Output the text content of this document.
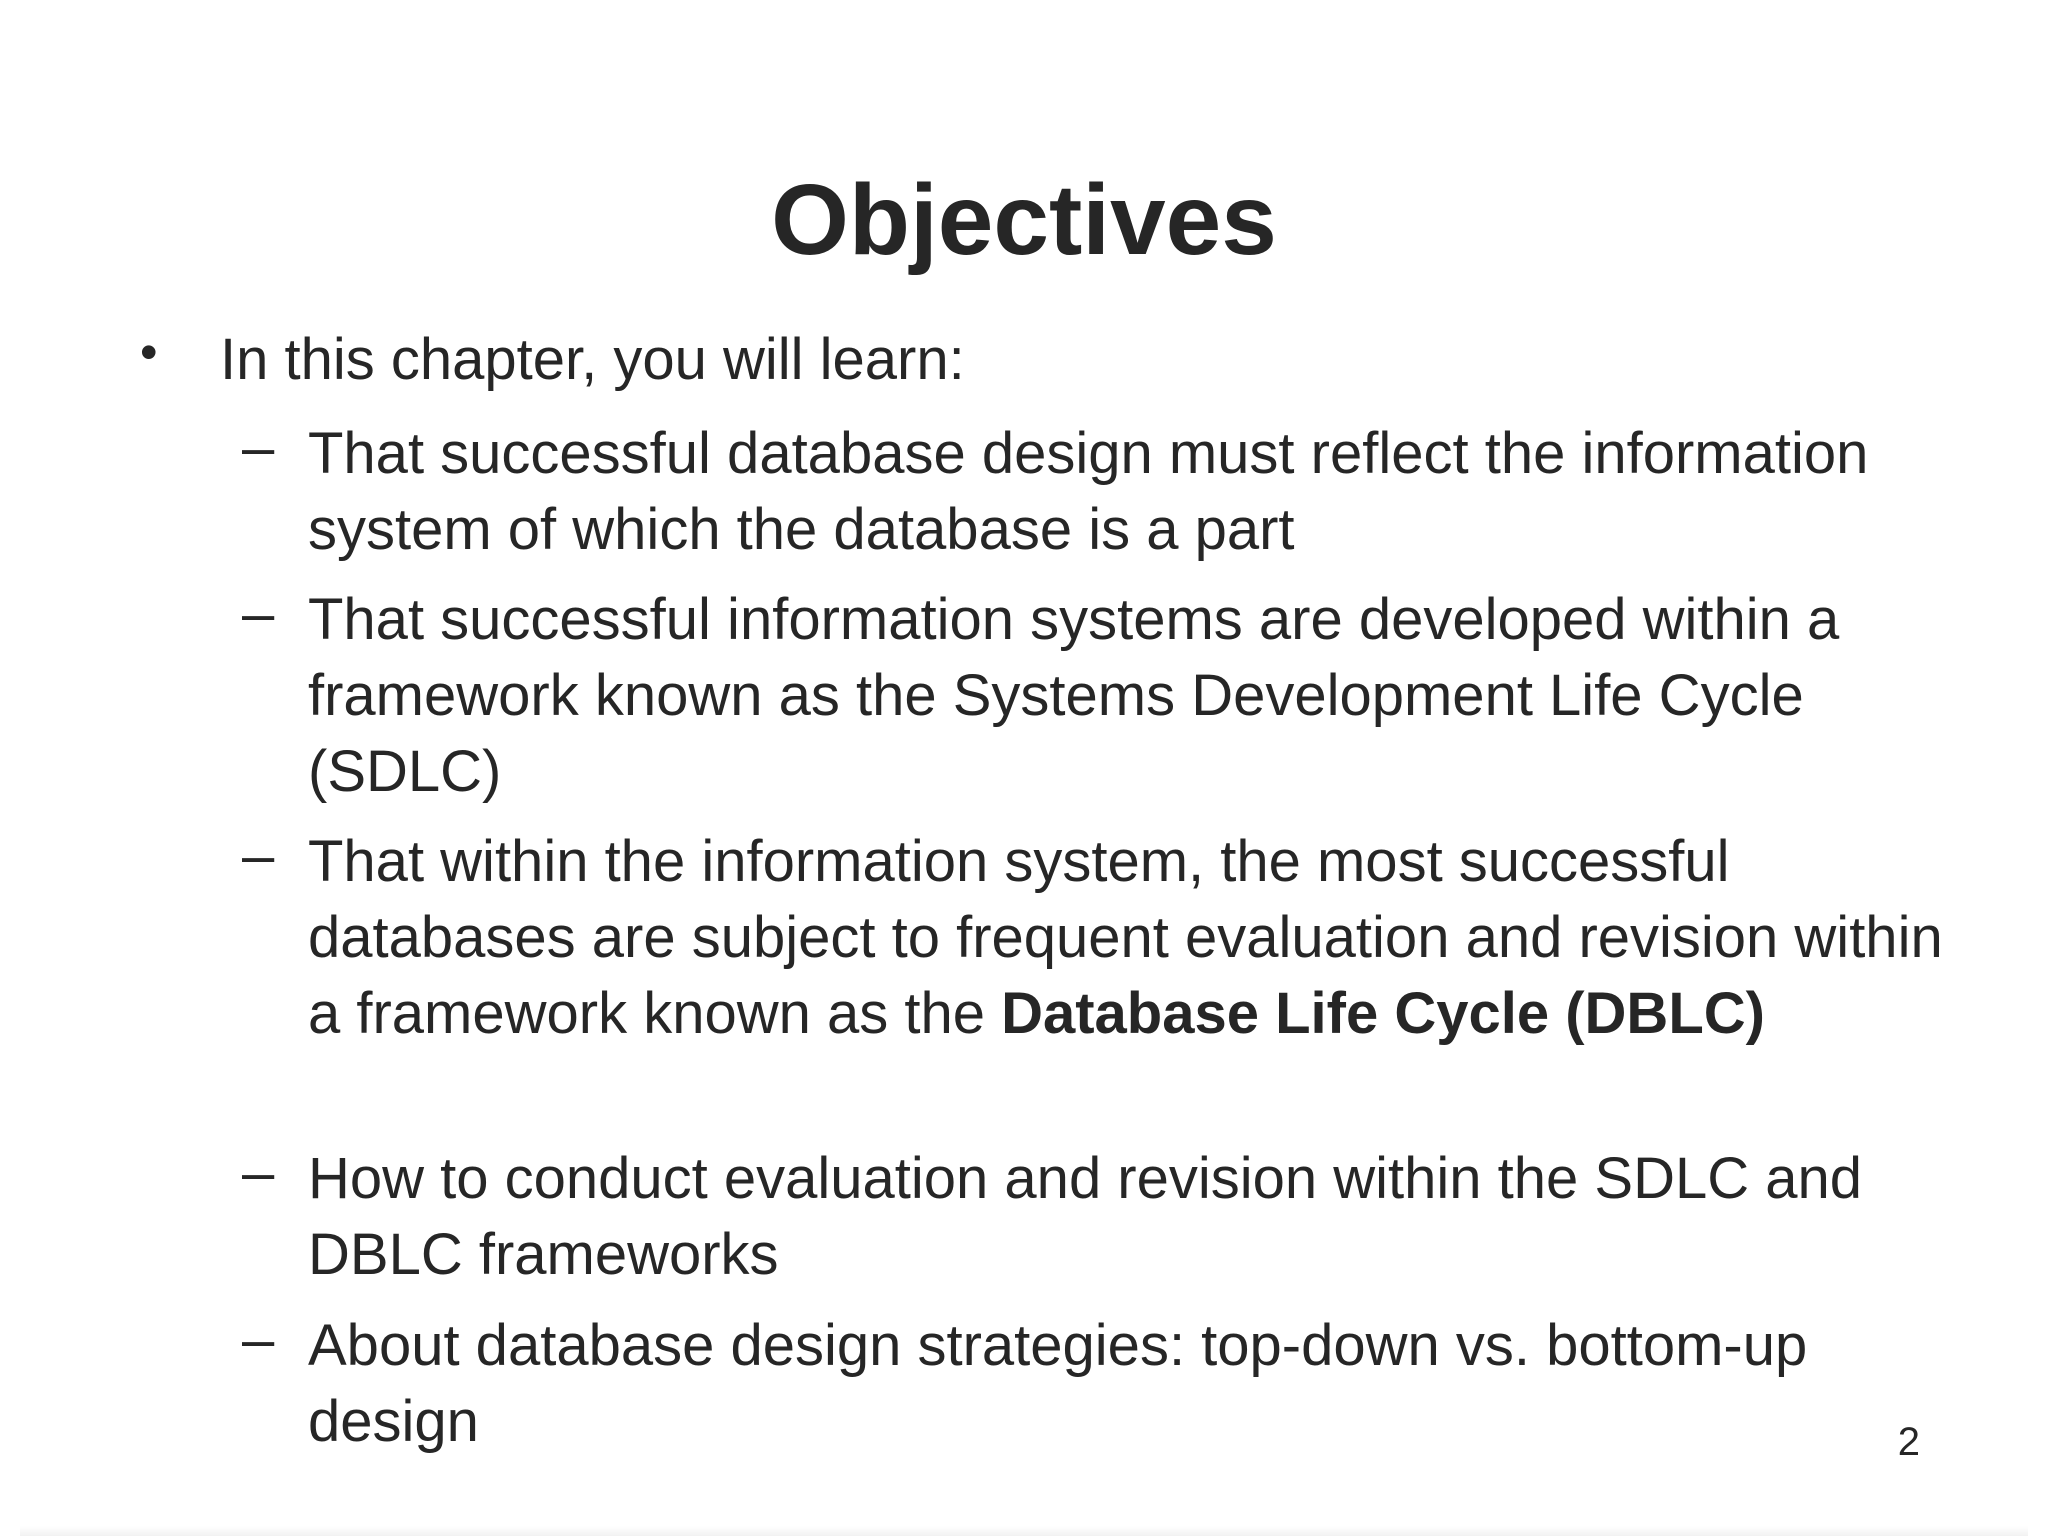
Objectives

• In this chapter, you will learn:

– That successful database design must reflect the information system of which the database is a part

– That successful information systems are developed within a framework known as the Systems Development Life Cycle (SDLC)

– That within the information system, the most successful databases are subject to frequent evaluation and revision within a framework known as the Database Life Cycle (DBLC)

– How to conduct evaluation and revision within the SDLC and DBLC frameworks

– About database design strategies: top-down vs. bottom-up design	2
